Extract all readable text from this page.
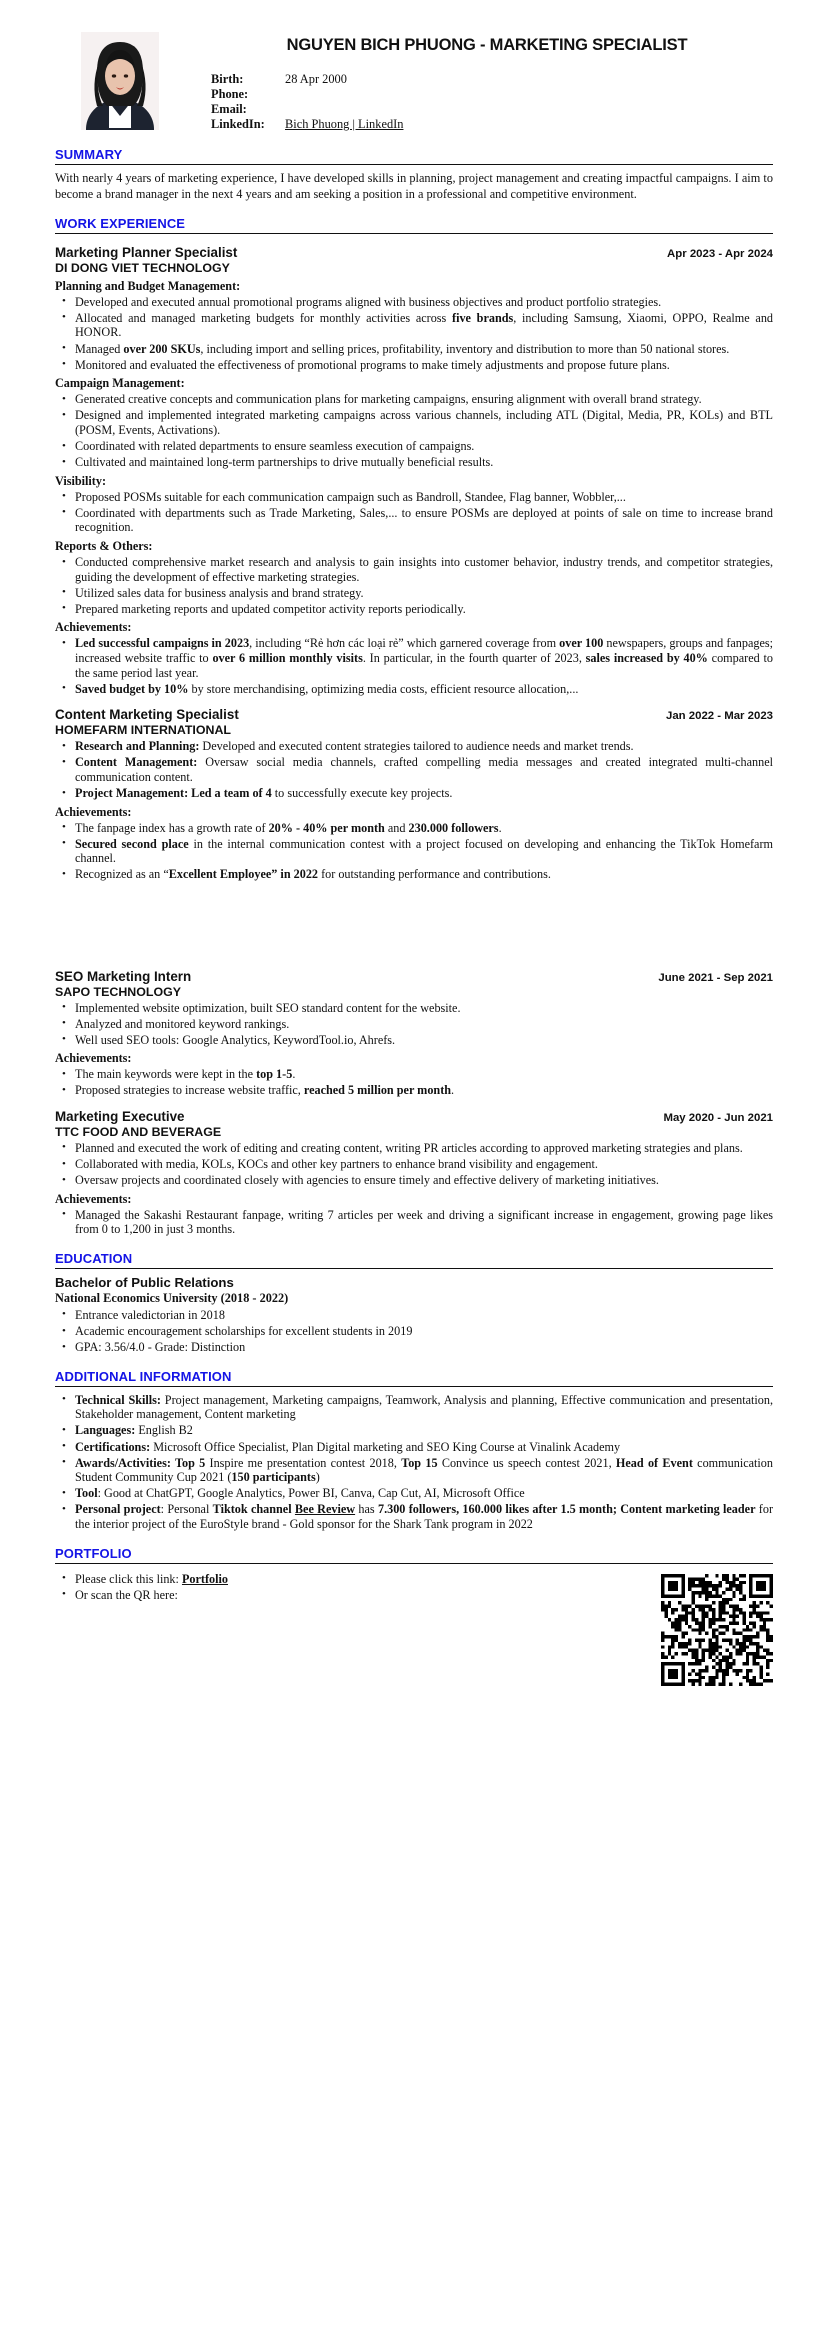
NGUYEN BICH PHUONG - MARKETING SPECIALIST
Birth:	28 Apr 2000
Phone:
Email:
LinkedIn:	Bich Phuong | LinkedIn
SUMMARY

With nearly 4 years of marketing experience, I have developed skills in planning, project management and creating impactful campaigns. I aim to become a brand manager in the next 4 years and am seeking a position in a professional and competitive environment.

WORK EXPERIENCE
Marketing Planner Specialist	Apr 2023 - Apr 2024
DI DONG VIET TECHNOLOGY
Planning and Budget Management:
• Developed and executed annual promotional programs aligned with business objectives and product portfolio strategies.
• Allocated and managed marketing budgets for monthly activities across five brands, including Samsung, Xiaomi, OPPO, Realme and HONOR.
• Managed over 200 SKUs, including import and selling prices, profitability, inventory and distribution to more than 50 national stores.
• Monitored and evaluated the effectiveness of promotional programs to make timely adjustments and propose future plans.
Campaign Management:
• Generated creative concepts and communication plans for marketing campaigns, ensuring alignment with overall brand strategy.
• Designed and implemented integrated marketing campaigns across various channels, including ATL (Digital, Media, PR, KOLs) and BTL (POSM, Events, Activations).
• Coordinated with related departments to ensure seamless execution of campaigns.
• Cultivated and maintained long-term partnerships to drive mutually beneficial results.
Visibility:
• Proposed POSMs suitable for each communication campaign such as Bandroll, Standee, Flag banner, Wobbler,...
• Coordinated with departments such as Trade Marketing, Sales,... to ensure POSMs are deployed at points of sale on time to increase brand recognition.
Reports & Others:
• Conducted comprehensive market research and analysis to gain insights into customer behavior, industry trends, and competitor strategies, guiding the development of effective marketing strategies.
• Utilized sales data for business analysis and brand strategy.
• Prepared marketing reports and updated competitor activity reports periodically.
Achievements:
• Led successful campaigns in 2023, including “Rẻ hơn các loại rẻ” which garnered coverage from over 100 newspapers, groups and fanpages; increased website traffic to over 6 million monthly visits. In particular, in the fourth quarter of 2023, sales increased by 40% compared to the same period last year.
• Saved budget by 10% by store merchandising, optimizing media costs, efficient resource allocation,...
Content Marketing Specialist	Jan 2022 - Mar 2023
HOMEFARM INTERNATIONAL
• Research and Planning: Developed and executed content strategies tailored to audience needs and market trends.
• Content Management: Oversaw social media channels, crafted compelling media messages and created integrated multi-channel communication content.
• Project Management: Led a team of 4 to successfully execute key projects.
Achievements:
• The fanpage index has a growth rate of 20% - 40% per month and 230.000 followers.
• Secured second place in the internal communication contest with a project focused on developing and enhancing the TikTok Homefarm channel.
• Recognized as an “Excellent Employee” in 2022 for outstanding performance and contributions.
SEO Marketing Intern	June 2021 - Sep 2021
SAPO TECHNOLOGY
• Implemented website optimization, built SEO standard content for the website.
• Analyzed and monitored keyword rankings.
• Well used SEO tools: Google Analytics, KeywordTool.io, Ahrefs.
Achievements:
• The main keywords were kept in the top 1-5.
• Proposed strategies to increase website traffic, reached 5 million per month.
Marketing Executive	May 2020 - Jun 2021
TTC FOOD AND BEVERAGE
• Planned and executed the work of editing and creating content, writing PR articles according to approved marketing strategies and plans.
• Collaborated with media, KOLs, KOCs and other key partners to enhance brand visibility and engagement.
• Oversaw projects and coordinated closely with agencies to ensure timely and effective delivery of marketing initiatives.
Achievements:
• Managed the Sakashi Restaurant fanpage, writing 7 articles per week and driving a significant increase in engagement, growing page likes from 0 to 1,200 in just 3 months.
EDUCATION
Bachelor of Public Relations
National Economics University (2018 - 2022)
• Entrance valedictorian in 2018
• Academic encouragement scholarships for excellent students in 2019
• GPA: 3.56/4.0 - Grade: Distinction
ADDITIONAL INFORMATION
• Technical Skills: Project management, Marketing campaigns, Teamwork, Analysis and planning, Effective communication and presentation, Stakeholder management, Content marketing
• Languages: English B2
• Certifications: Microsoft Office Specialist, Plan Digital marketing and SEO King Course at Vinalink Academy
• Awards/Activities: Top 5 Inspire me presentation contest 2018, Top 15 Convince us speech contest 2021, Head of Event communication Student Community Cup 2021 (150 participants)
• Tool: Good at ChatGPT, Google Analytics, Power BI, Canva, Cap Cut, AI, Microsoft Office
• Personal project: Personal Tiktok channel Bee Review has 7.300 followers, 160.000 likes after 1.5 month; Content marketing leader for the interior project of the EuroStyle brand - Gold sponsor for the Shark Tank program in 2022
PORTFOLIO
• Please click this link: Portfolio
• Or scan the QR here:
